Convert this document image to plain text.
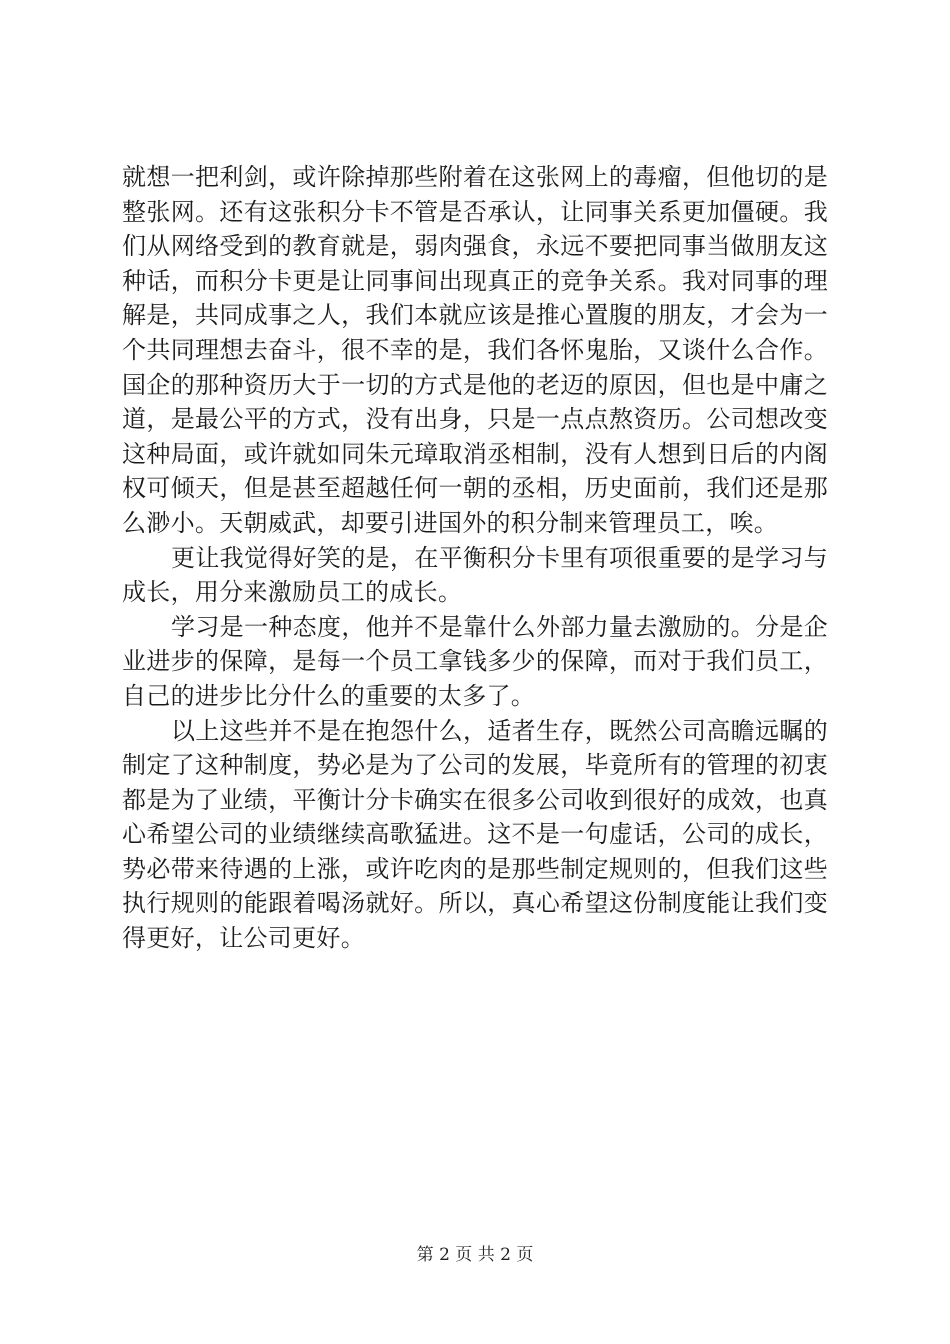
就想一把利剑，或许除掉那些附着在这张网上的毒瘤，但他切的是整张网。还有这张积分卡不管是否承认，让同事关系更加僵硬。我们从网络受到的教育就是，弱肉强食，永远不要把同事当做朋友这种话，而积分卡更是让同事间出现真正的竞争关系。我对同事的理解是，共同成事之人，我们本就应该是推心置腹的朋友，才会为一个共同理想去奋斗，很不幸的是，我们各怀鬼胎，又谈什么合作。国企的那种资历大于一切的方式是他的老迈的原因，但也是中庸之道，是最公平的方式，没有出身，只是一点点熬资历。公司想改变这种局面，或许就如同朱元璋取消丞相制，没有人想到日后的内阁权可倾天，但是甚至超越任何一朝的丞相，历史面前，我们还是那么渺小。天朝威武，却要引进国外的积分制来管理员工，唉。

更让我觉得好笑的是，在平衡积分卡里有项很重要的是学习与成长，用分来激励员工的成长。

学习是一种态度，他并不是靠什么外部力量去激励的。分是企业进步的保障，是每一个员工拿钱多少的保障，而对于我们员工，自己的进步比分什么的重要的太多了。

以上这些并不是在抱怨什么，适者生存，既然公司高瞻远瞩的制定了这种制度，势必是为了公司的发展，毕竟所有的管理的初衷都是为了业绩，平衡计分卡确实在很多公司收到很好的成效，也真心希望公司的业绩继续高歌猛进。这不是一句虚话，公司的成长，势必带来待遇的上涨，或许吃肉的是那些制定规则的，但我们这些执行规则的能跟着喝汤就好。所以，真心希望这份制度能让我们变得更好，让公司更好。

第 2 页 共 2 页
